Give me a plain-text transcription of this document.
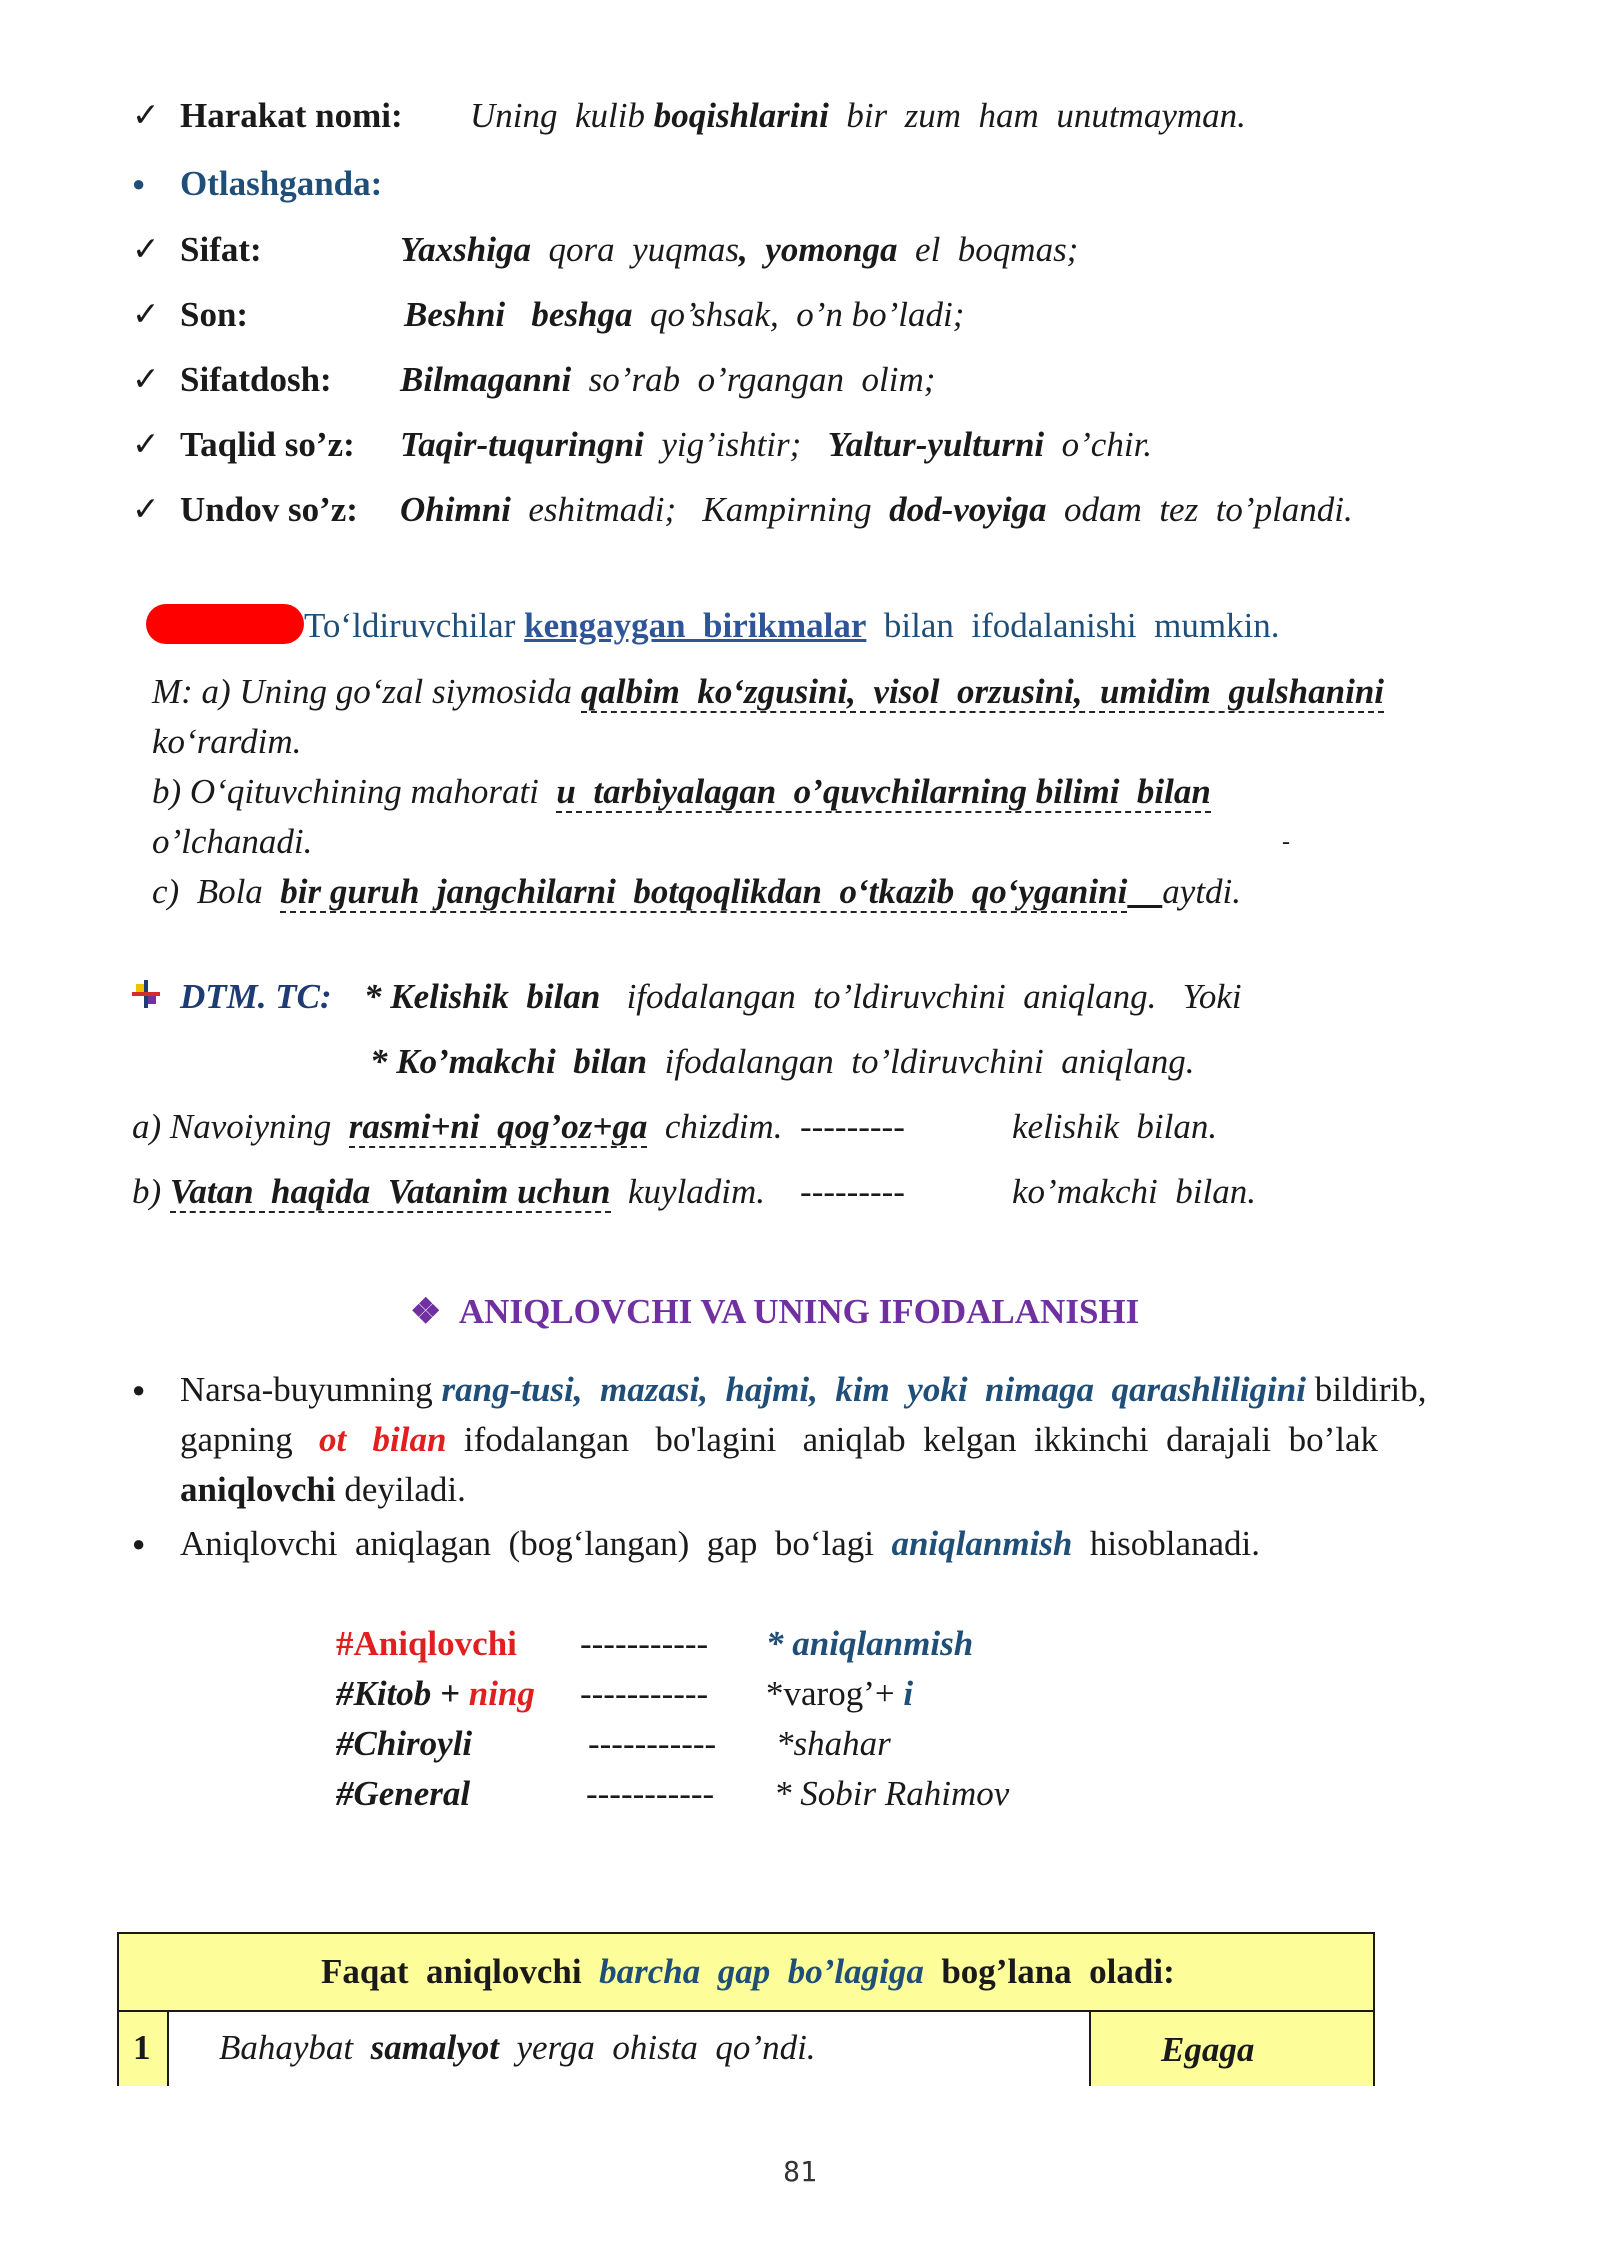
✓ Harakat nomi: Uning  kulib boqishlarini  bir  zum  ham  unutmayman.
● Otlashganda:
✓ Sifat:	Yaxshiga  qora  yuqmas,  yomonga  el  boqmas;
✓ Son:	Beshni   beshga  qo’shsak,  o’n bo’ladi;
✓ Sifatdosh: Bilmaganni  so’rab  o’rgangan  olim;
✓ Taqlid so’z: Taqir-tuquringni  yig’ishtir;   Yaltur-yulturni  o’chir.
✓ Undov so’z: Ohimni  eshitmadi;   Kampirning  dod-voyiga  odam  tez  to’plandi.
To‘ldiruvchilar kengaygan  birikmalar  bilan  ifodalanishi  mumkin.
M: a) Uning go‘zal siymosida qalbim  ko‘zgusini,  visol  orzusini,  umidim  gulshanini
ko‘rardim.
b) O‘qituvchining mahorati  u  tarbiyalagan  o’quvchilarning bilimi  bilan
o’lchanadi.	-
c)  Bola  bir guruh  jangchilarni  botqoqlikdan  o‘tkazib  qo‘yganini aytdi.
DTM. TC: * Kelishik  bilan   ifodalangan  to’ldiruvchini  aniqlang.   Yoki
* Ko’makchi  bilan  ifodalangan  to’ldiruvchini  aniqlang.
a) Navoiyning  rasmi+ni  qog’oz+ga  chizdim.  ---------	kelishik  bilan.
b) Vatan  haqida  Vatanim uchun  kuyladim.    ---------	ko’makchi  bilan.
❖ ANIQLOVCHI VA UNING IFODALANISHI
● Narsa-buyumning rang-tusi,  mazasi,  hajmi,  kim  yoki  nimaga  qarashliligini bildirib,
gapning   ot bilan  ifodalangan   bo'lagini   aniqlab  kelgan  ikkinchi  darajali  bo’lak
aniqlovchi deyiladi.
● Aniqlovchi  aniqlagan  (bog‘langan)  gap  bo‘lagi  aniqlanmish  hisoblanadi.
#Aniqlovchi ----------- * aniqlanmish
#Kitob + ning ----------- *varog’+ i
#Chiroyli	----------- *shahar
#General	----------- * Sobir Rahimov
Faqat  aniqlovchi  barcha  gap  bo’lagiga  bog’lana  oladi:
1 Bahaybat  samalyot  yerga  ohista  qo’ndi.	Egaga
81
